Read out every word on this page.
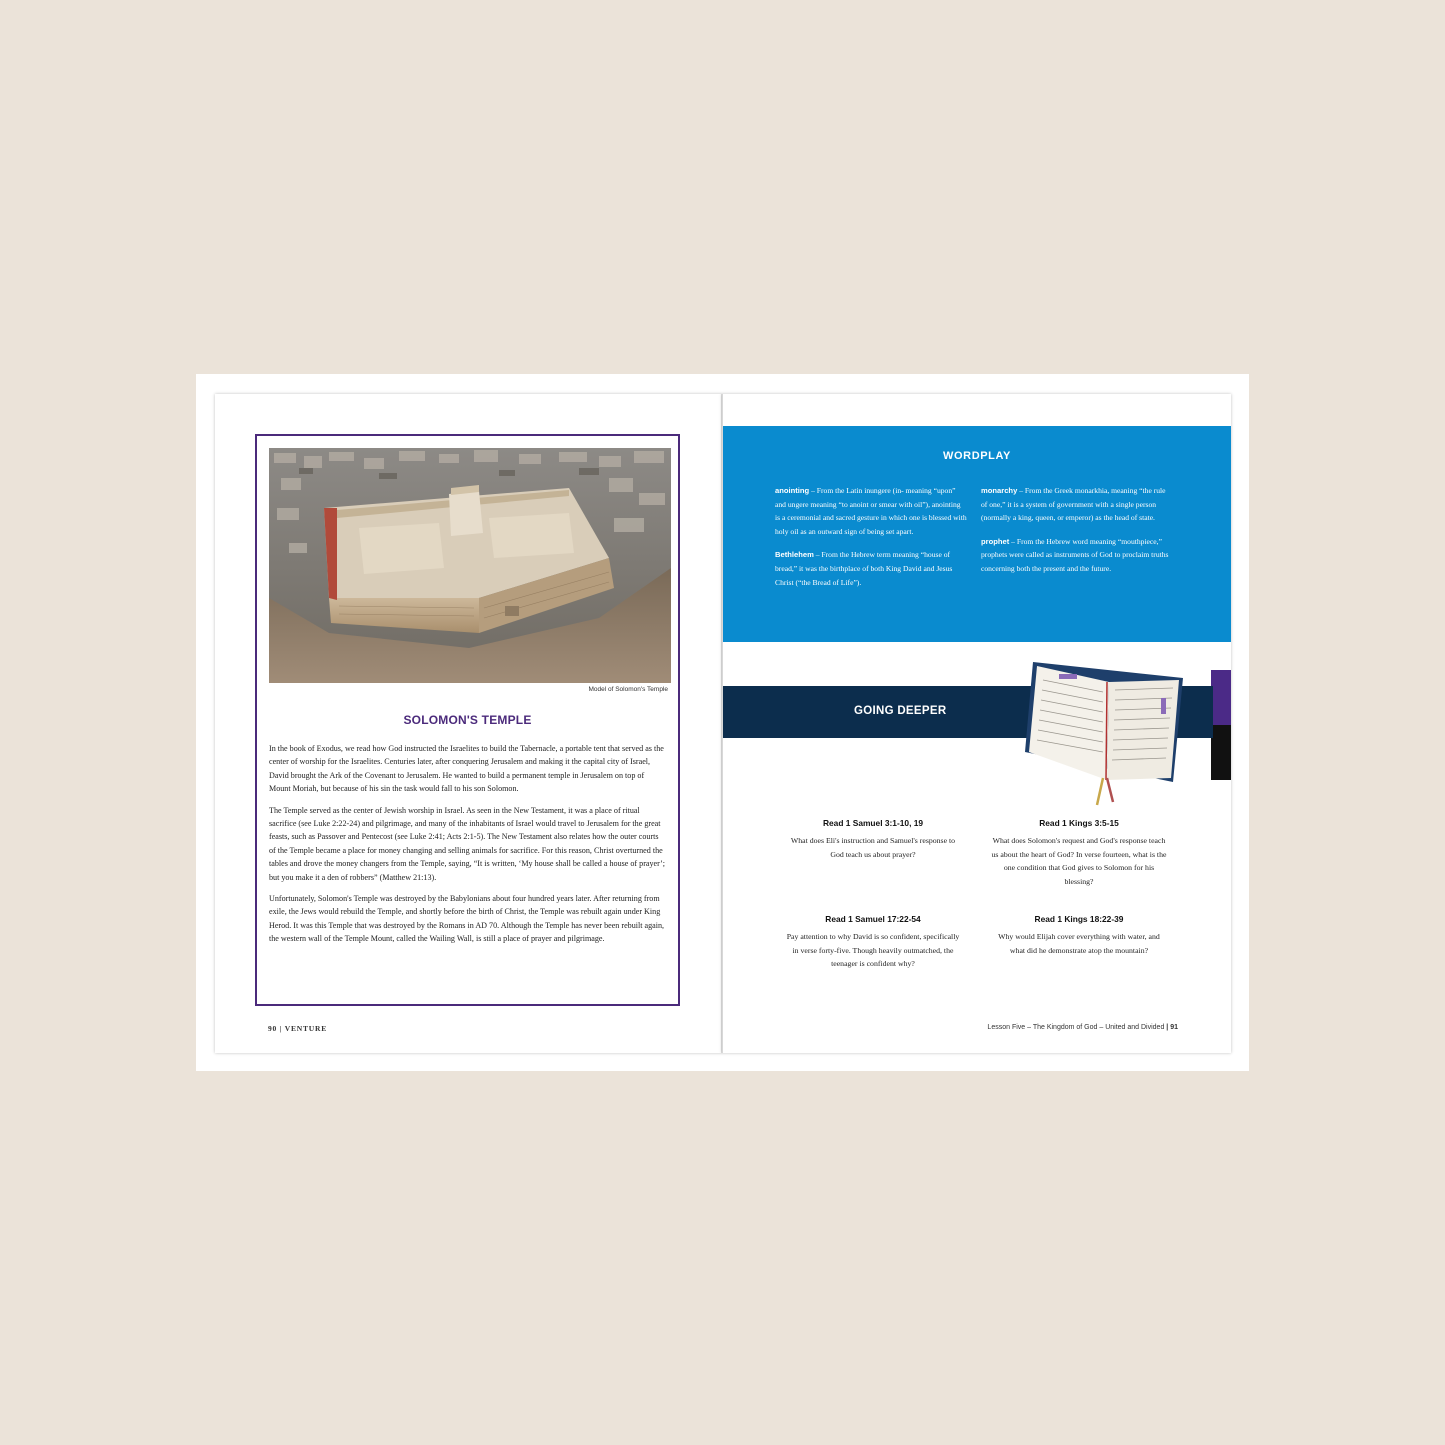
Model of Solomon's Temple
SOLOMON'S TEMPLE

In the book of Exodus, we read how God instructed the Israelites to build the Tabernacle, a portable tent that served as the center of worship for the Israelites. Centuries later, after conquering Jerusalem and making it the capital city of Israel, David brought the Ark of the Covenant to Jerusalem. He wanted to build a permanent temple in Jerusalem on top of Mount Moriah, but because of his sin the task would fall to his son Solomon.

The Temple served as the center of Jewish worship in Israel. As seen in the New Testament, it was a place of ritual sacrifice (see Luke 2:22-24) and pilgrimage, and many of the inhabitants of Israel would travel to Jerusalem for the great feasts, such as Passover and Pentecost (see Luke 2:41; Acts 2:1-5). The New Testament also relates how the outer courts of the Temple became a place for money changing and selling animals for sacrifice. For this reason, Christ overturned the tables and drove the money changers from the Temple, saying, “It is written, ‘My house shall be called a house of prayer’; but you make it a den of robbers” (Matthew 21:13).

Unfortunately, Solomon's Temple was destroyed by the Babylonians about four hundred years later. After returning from exile, the Jews would rebuild the Temple, and shortly before the birth of Christ, the Temple was rebuilt again under King Herod. It was this Temple that was destroyed by the Romans in AD 70. Although the Temple has never been rebuilt again, the western wall of the Temple Mount, called the Wailing Wall, is still a place of prayer and pilgrimage.

90 | VENTURE
WORDPLAY
anointing – From the Latin inungere (in- meaning “upon” and ungere meaning “to anoint or smear with oil”), anointing is a ceremonial and sacred gesture in which one is blessed with holy oil as an outward sign of being set apart.
Bethlehem – From the Hebrew term meaning “house of bread,” it was the birthplace of both King David and Jesus Christ (“the Bread of Life”).
monarchy – From the Greek monarkhia, meaning “the rule of one,” it is a system of government with a single person (normally a king, queen, or emperor) as the head of state.
prophet – From the Hebrew word meaning “mouthpiece,” prophets were called as instruments of God to proclaim truths concerning both the present and the future.
GOING DEEPER
Read 1 Samuel 3:1-10, 19
What does Eli's instruction and Samuel's response to God teach us about prayer?
Read 1 Kings 3:5-15
What does Solomon's request and God's response teach us about the heart of God? In verse fourteen, what is the one condition that God gives to Solomon for his blessing?
Read 1 Samuel 17:22-54
Pay attention to why David is so confident, specifically in verse forty-five. Though heavily outmatched, the teenager is confident why?
Read 1 Kings 18:22-39
Why would Elijah cover everything with water, and what did he demonstrate atop the mountain?
Lesson Five – The Kingdom of God – United and Divided | 91
